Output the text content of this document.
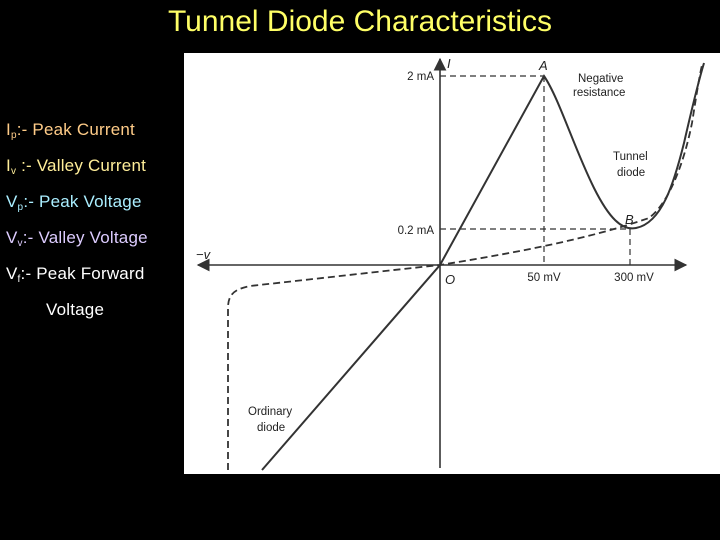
Tunnel Diode Characteristics
$I_p:-$ Peak Current
$I_v$ :- Valley Current
$V_p:-$ Peak Voltage
$V_v:-$ Valley Voltage
$V_f:-$ Peak Forward
Voltage
I
−v
O
A
B
2 mA
0.2 mA
50 mV	300 mV
Negative
resistance
Tunnel
diode
Ordinary
diode
